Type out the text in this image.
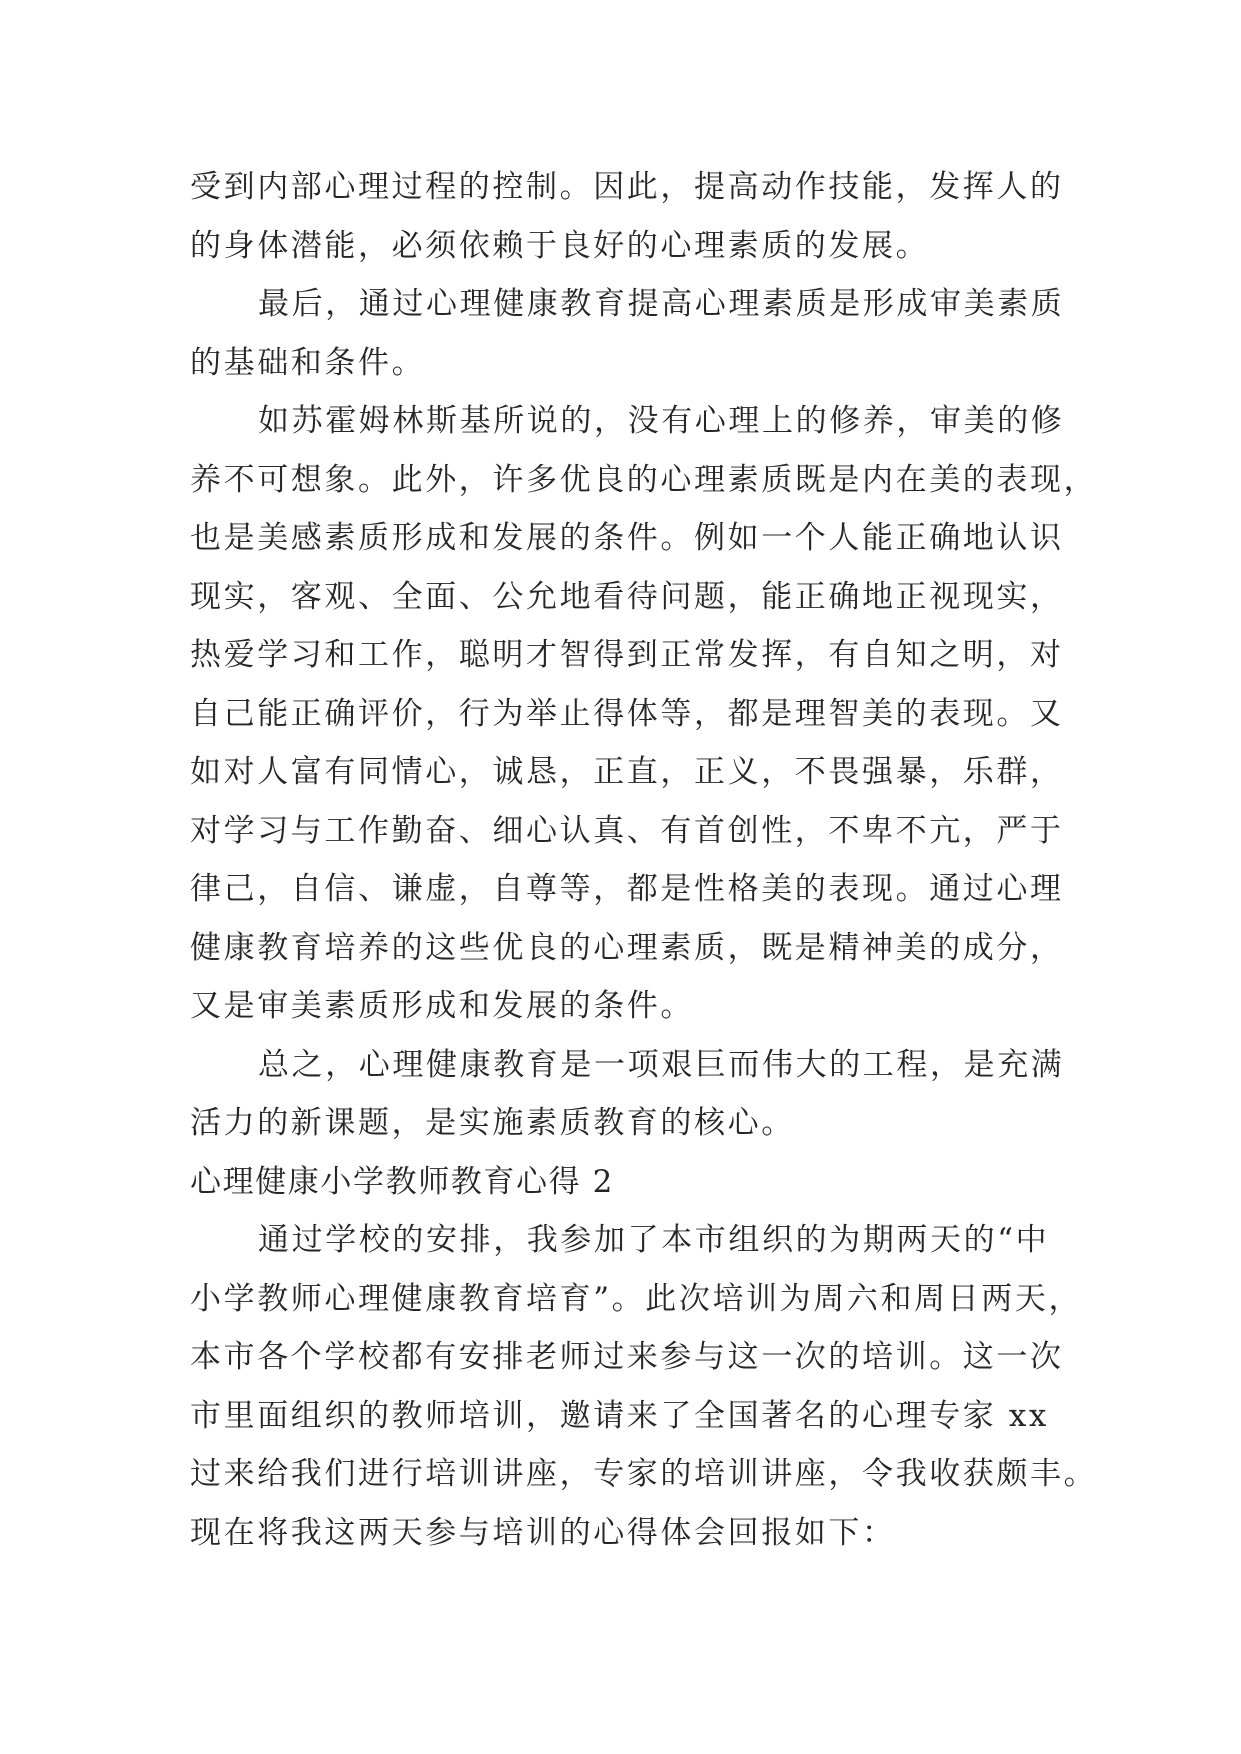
受到内部心理过程的控制。因此，提高动作技能，发挥人的
的身体潜能，必须依赖于良好的心理素质的发展。
最后，通过心理健康教育提高心理素质是形成审美素质
的基础和条件。
如苏霍姆林斯基所说的，没有心理上的修养，审美的修
养不可想象。此外，许多优良的心理素质既是内在美的表现，
也是美感素质形成和发展的条件。例如一个人能正确地认识
现实，客观、全面、公允地看待问题，能正确地正视现实，
热爱学习和工作，聪明才智得到正常发挥，有自知之明，对
自己能正确评价，行为举止得体等，都是理智美的表现。又
如对人富有同情心，诚恳，正直，正义，不畏强暴，乐群，
对学习与工作勤奋、细心认真、有首创性，不卑不亢，严于
律己，自信、谦虚，自尊等，都是性格美的表现。通过心理
健康教育培养的这些优良的心理素质，既是精神美的成分，
又是审美素质形成和发展的条件。
总之，心理健康教育是一项艰巨而伟大的工程，是充满
活力的新课题，是实施素质教育的核心。
心理健康小学教师教育心得 2
通过学校的安排，我参加了本市组织的为期两天的“中
小学教师心理健康教育培育”。此次培训为周六和周日两天，
本市各个学校都有安排老师过来参与这一次的培训。这一次
市里面组织的教师培训，邀请来了全国著名的心理专家 xx
过来给我们进行培训讲座，专家的培训讲座，令我收获颇丰。
现在将我这两天参与培训的心得体会回报如下：
